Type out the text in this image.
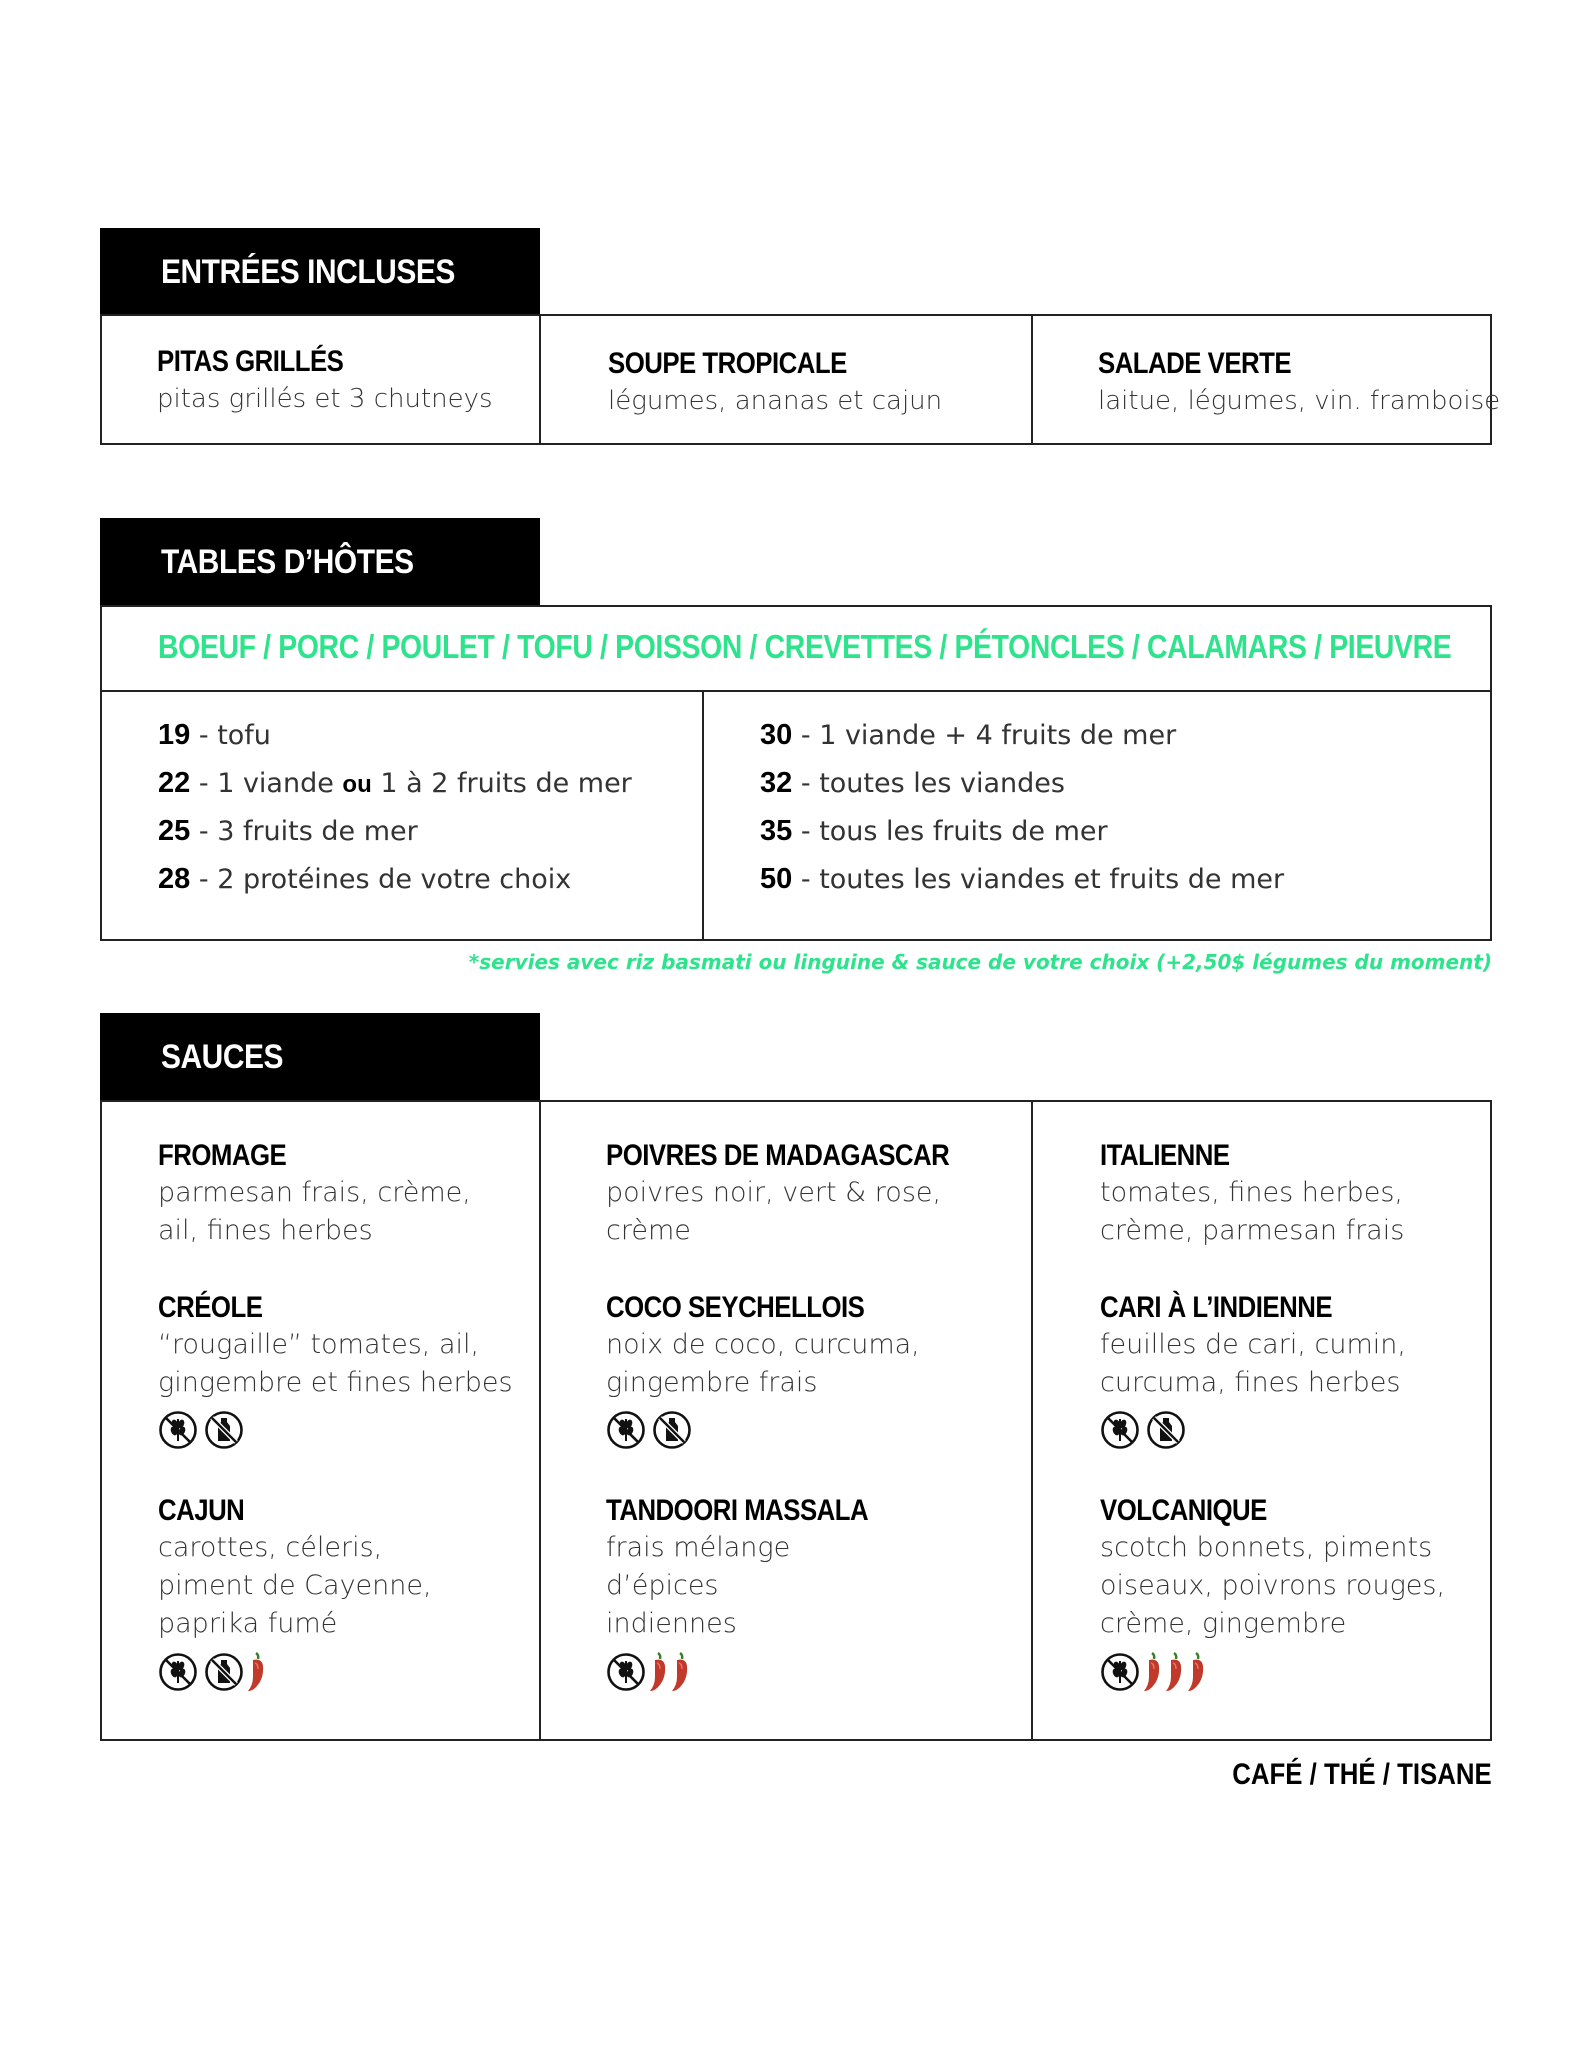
ENTRÉES INCLUSES
PITAS GRILLÉS
pitas grillés et 3 chutneys
SOUPE TROPICALE
légumes, ananas et cajun
SALADE VERTE
laitue, légumes, vin. framboise
TABLES D’HÔTES
BOEUF / PORC / POULET / TOFU / POISSON / CREVETTES / PÉTONCLES / CALAMARS / PIEUVRE
19 - tofu
22 - 1 viande ou 1 à 2 fruits de mer
25 - 3 fruits de mer
28 - 2 protéines de votre choix
30 - 1 viande + 4 fruits de mer
32 - toutes les viandes
35 - tous les fruits de mer
50 - toutes les viandes et fruits de mer
*servies avec riz basmati ou linguine & sauce de votre choix (+2,50$ légumes du moment)
SAUCES
FROMAGE
parmesan frais, crème,
ail, fines herbes
POIVRES DE MADAGASCAR
poivres noir, vert & rose,
crème
ITALIENNE
tomates, fines herbes,
crème, parmesan frais
CRÉOLE
“rougaille” tomates, ail,
gingembre et fines herbes
COCO SEYCHELLOIS
noix de coco, curcuma,
gingembre frais
CARI À L’INDIENNE
feuilles de cari, cumin,
curcuma, fines herbes
CAJUN
carottes, céleris,
piment de Cayenne,
paprika fumé
TANDOORI MASSALA
frais mélange
d’épices
indiennes
VOLCANIQUE
scotch bonnets, piments
oiseaux, poivrons rouges,
crème, gingembre
CAFÉ / THÉ / TISANE
